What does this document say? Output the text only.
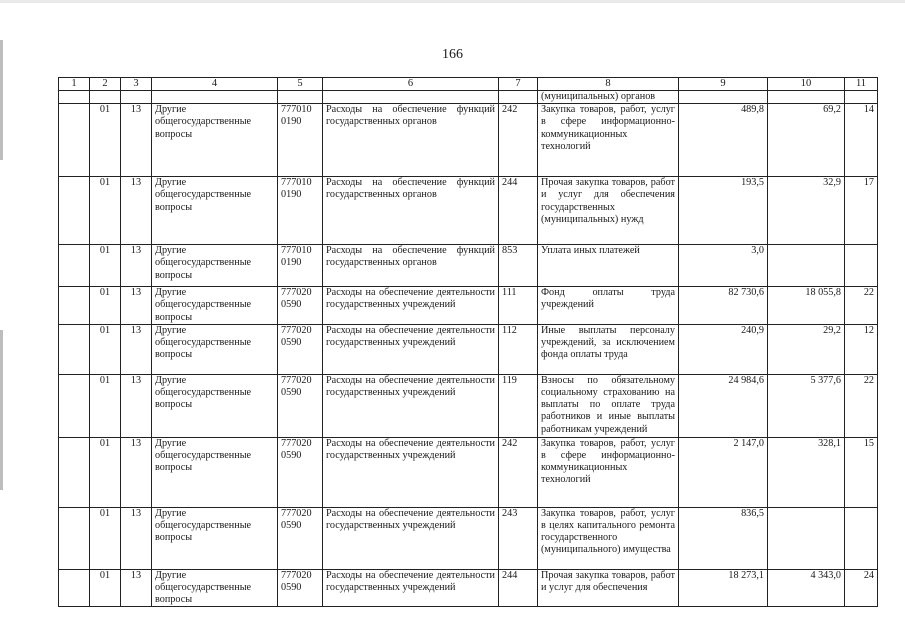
166
1	2	3	4	5	6	7	8	9	10	11
							(муниципальных) органов			
	01	13	Другие общегосударственные вопросы	777010 0190	Расходы на обеспечение функций государственных органов	242	Закупка товаров, работ, услуг в сфере информационно-коммуникационных технологий	489,8	69,2	14
	01	13	Другие общегосударственные вопросы	777010 0190	Расходы на обеспечение функций государственных органов	244	Прочая закупка товаров, работ и услуг для обеспечения государственных (муниципальных) нужд	193,5	32,9	17
	01	13	Другие общегосударственные вопросы	777010 0190	Расходы на обеспечение функций государственных органов	853	Уплата иных платежей	3,0		
	01	13	Другие общегосударственные вопросы	777020 0590	Расходы на обеспечение деятельности государственных учреждений	111	Фонд оплаты труда учреждений	82 730,6	18 055,8	22
	01	13	Другие общегосударственные вопросы	777020 0590	Расходы на обеспечение деятельности государственных учреждений	112	Иные выплаты персоналу учреждений, за исключением фонда оплаты труда	240,9	29,2	12
	01	13	Другие общегосударственные вопросы	777020 0590	Расходы на обеспечение деятельности государственных учреждений	119	Взносы по обязательному социальному страхованию на выплаты по оплате труда работников и иные выплаты работникам учреждений	24 984,6	5 377,6	22
	01	13	Другие общегосударственные вопросы	777020 0590	Расходы на обеспечение деятельности государственных учреждений	242	Закупка товаров, работ, услуг в сфере информационно-коммуникационных технологий	2 147,0	328,1	15
	01	13	Другие общегосударственные вопросы	777020 0590	Расходы на обеспечение деятельности государственных учреждений	243	Закупка товаров, работ, услуг в целях капитального ремонта государственного (муниципального) имущества	836,5		
	01	13	Другие общегосударственные вопросы	777020 0590	Расходы на обеспечение деятельности государственных учреждений	244	Прочая закупка товаров, работ и услуг для обеспечения	18 273,1	4 343,0	24
